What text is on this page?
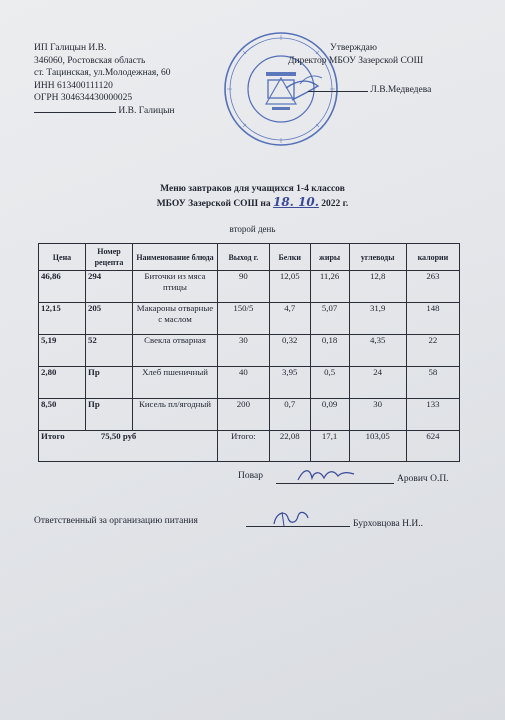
ИП Галицын И.В.
346060, Ростовская область
ст. Тацинская, ул.Молодежная, 60
ИНН 613400111120
ОГРН 304634430000025
И.В. Галицын
Утверждаю
Директор МБОУ Зазерской СОШ
Л.В.Медведева
Меню завтраков для учащихся 1-4 классов
МБОУ Зазерской СОШ на 18. 10. 2022 г.
второй день
Цена	Номер рецепта	Наименование блюда	Выход г.	Белки	жиры	углеводы	калории
46,86	294	Биточки из мяса птицы	90	12,05	11,26	12,8	263
12,15	205	Макароны отварные с маслом	150/5	4,7	5,07	31,9	148
5,19	52	Свекла отварная	30	0,32	0,18	4,35	22
2,80	Пр	Хлеб пшеничный	40	3,95	0,5	24	58
8,50	Пр	Кисель пл/ягодный	200	0,7	0,09	30	133
Итого 75,50 руб			Итого:	22,08	17,1	103,05	624
Повар	Арович О.П.
Ответственный за организацию питания	Бурховцова Н.И..
